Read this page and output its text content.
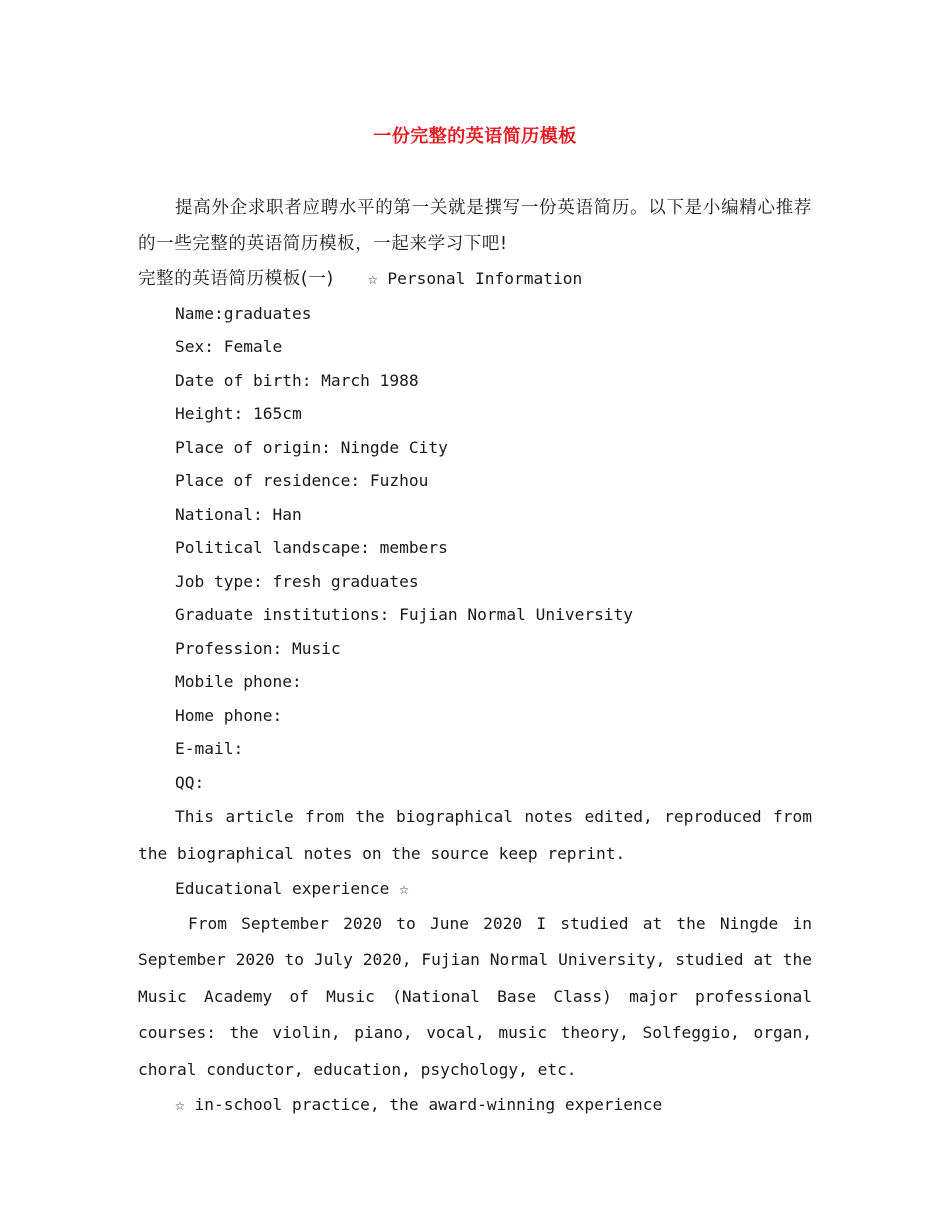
一份完整的英语简历模板

提高外企求职者应聘水平的第一关就是撰写一份英语简历。以下是小编精心推荐的一些完整的英语简历模板，一起来学习下吧!

完整的英语简历模板(一) ☆ Personal Information

Name:graduates

Sex: Female

Date of birth: March 1988

Height: 165cm

Place of origin: Ningde City

Place of residence: Fuzhou

National: Han

Political landscape: members

Job type: fresh graduates

Graduate institutions: Fujian Normal University

Profession: Music

Mobile phone:

Home phone:

E-mail:

QQ:

This article from the biographical notes edited, reproduced from the biographical notes on the source keep reprint.

Educational experience ☆

From September 2020 to June 2020 I studied at the Ningde in September 2020 to July 2020, Fujian Normal University, studied at the Music Academy of Music (National Base Class) major professional courses: the violin, piano, vocal, music theory, Solfeggio, organ, choral conductor, education, psychology, etc.

☆ in-school practice, the award-winning experience
